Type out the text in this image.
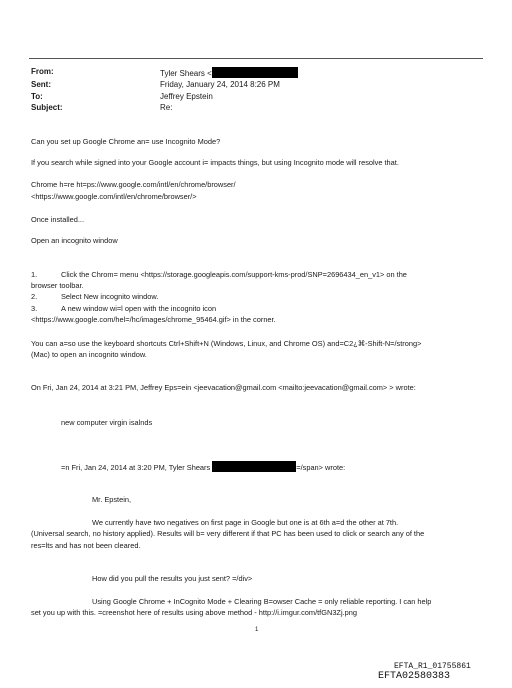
From:	Tyler Shears <
Sent:	Friday, January 24, 2014 8:26 PM
To:	Jeffrey Epstein
Subject:	Re:
Can you set up Google Chrome an= use Incognito Mode?
If you search while signed into your Google account i= impacts things, but using Incognito mode will resolve that.
Chrome h=re ht=ps://www.google.com/intl/en/chrome/browser/
<https://www.google.com/intl/en/chrome/browser/>
Once installed...
Open an incognito window
1.	Click the Chrom= menu <https://storage.googleapis.com/support-kms-prod/SNP=2696434_en_v1> on the
browser toolbar.
2.	Select New incognito window.
3.	A new window wi=l open with the incognito icon
<https://www.google.com/hel=/hc/images/chrome_95464.gif> in the corner.
You can a=so use the keyboard shortcuts Ctrl+Shift+N (Windows, Linux, and Chrome OS) and=C2¿⌘-Shift-N=/strong>
(Mac) to open an incognito window.
On Fri, Jan 24, 2014 at 3:21 PM, Jeffrey Eps=ein <jeevacation@gmail.com <mailto:jeevacation@gmail.com> > wrote:
new computer virgin isalnds
=n Fri, Jan 24, 2014 at 3:20 PM, Tyler Shears	=/span> wrote:
Mr. Epstein,
We currently have two negatives on first page in Google but one is at 6th a=d the other at 7th.
(Universal search, no history applied). Results will b= very different if that PC has been used to click or search any of the
res=lts and has not been cleared.
How did you pull the results you just sent? =/div>
Using Google Chrome + InCognito Mode + Clearing B=owser Cache = only reliable reporting. I can help
set you up with this. =creenshot here of results using above method - http://i.imgur.com/tfGN3Zj.png
1
EFTA_R1_01755861
EFTA02580383
